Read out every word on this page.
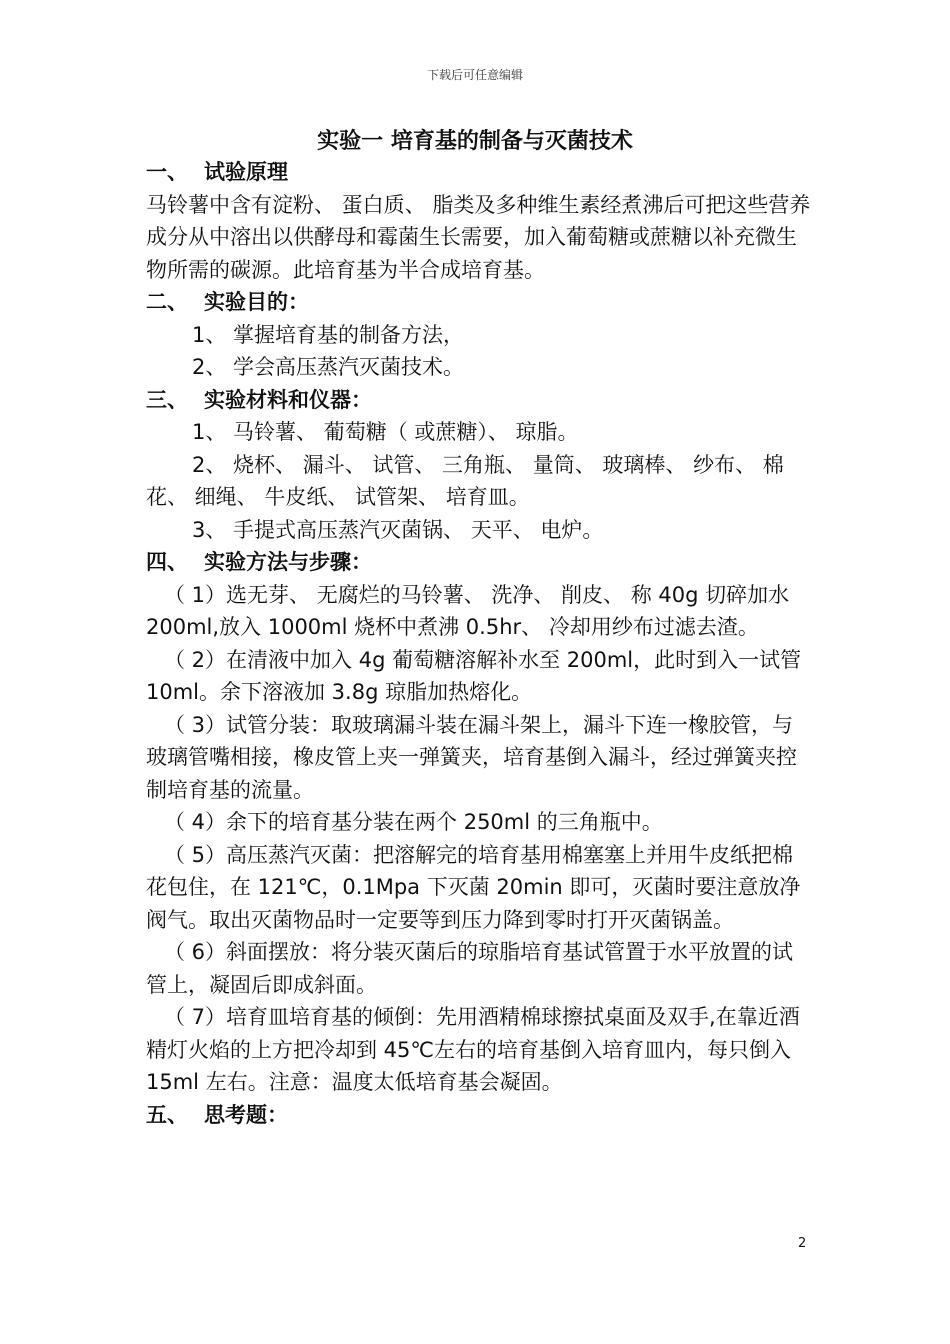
下载后可任意编辑
实验一 培育基的制备与灭菌技术

一、 试验原理

马铃薯中含有淀粉、 蛋白质、 脂类及多种维生素经煮沸后可把这些营养成分从中溶出以供酵母和霉菌生长需要，加入葡萄糖或蔗糖以补充微生物所需的碳源。此培育基为半合成培育基。

二、 实验目的：

1、 掌握培育基的制备方法，

2、 学会高压蒸汽灭菌技术。

三、 实验材料和仪器：

1、 马铃薯、 葡萄糖（ 或蔗糖）、 琼脂。

2、 烧杯、 漏斗、 试管、 三角瓶、 量筒、 玻璃棒、 纱布、 棉花、 细绳、 牛皮纸、 试管架、 培育皿。

3、 手提式高压蒸汽灭菌锅、 天平、 电炉。

四、 实验方法与步骤：

（ 1）选无芽、 无腐烂的马铃薯、 洗净、 削皮、 称 40g 切碎加水 200ml,放入 1000ml 烧杯中煮沸 0.5hr、 冷却用纱布过滤去渣。

（ 2）在清液中加入 4g 葡萄糖溶解补水至 200ml，此时到入一试管 10ml。余下溶液加 3.8g 琼脂加热熔化。

（ 3）试管分装：取玻璃漏斗装在漏斗架上，漏斗下连一橡胶管，与玻璃管嘴相接，橡皮管上夹一弹簧夹，培育基倒入漏斗，经过弹簧夹控制培育基的流量。

（ 4）余下的培育基分装在两个 250ml 的三角瓶中。

（ 5）高压蒸汽灭菌：把溶解完的培育基用棉塞塞上并用牛皮纸把棉花包住，在 121℃，0.1Mpa 下灭菌 20min 即可，灭菌时要注意放净阀气。取出灭菌物品时一定要等到压力降到零时打开灭菌锅盖。

（ 6）斜面摆放：将分装灭菌后的琼脂培育基试管置于水平放置的试管上，凝固后即成斜面。

（ 7）培育皿培育基的倾倒：先用酒精棉球擦拭桌面及双手,在靠近酒精灯火焰的上方把冷却到 45℃左右的培育基倒入培育皿内，每只倒入 15ml 左右。注意：温度太低培育基会凝固。

五、 思考题：

2
